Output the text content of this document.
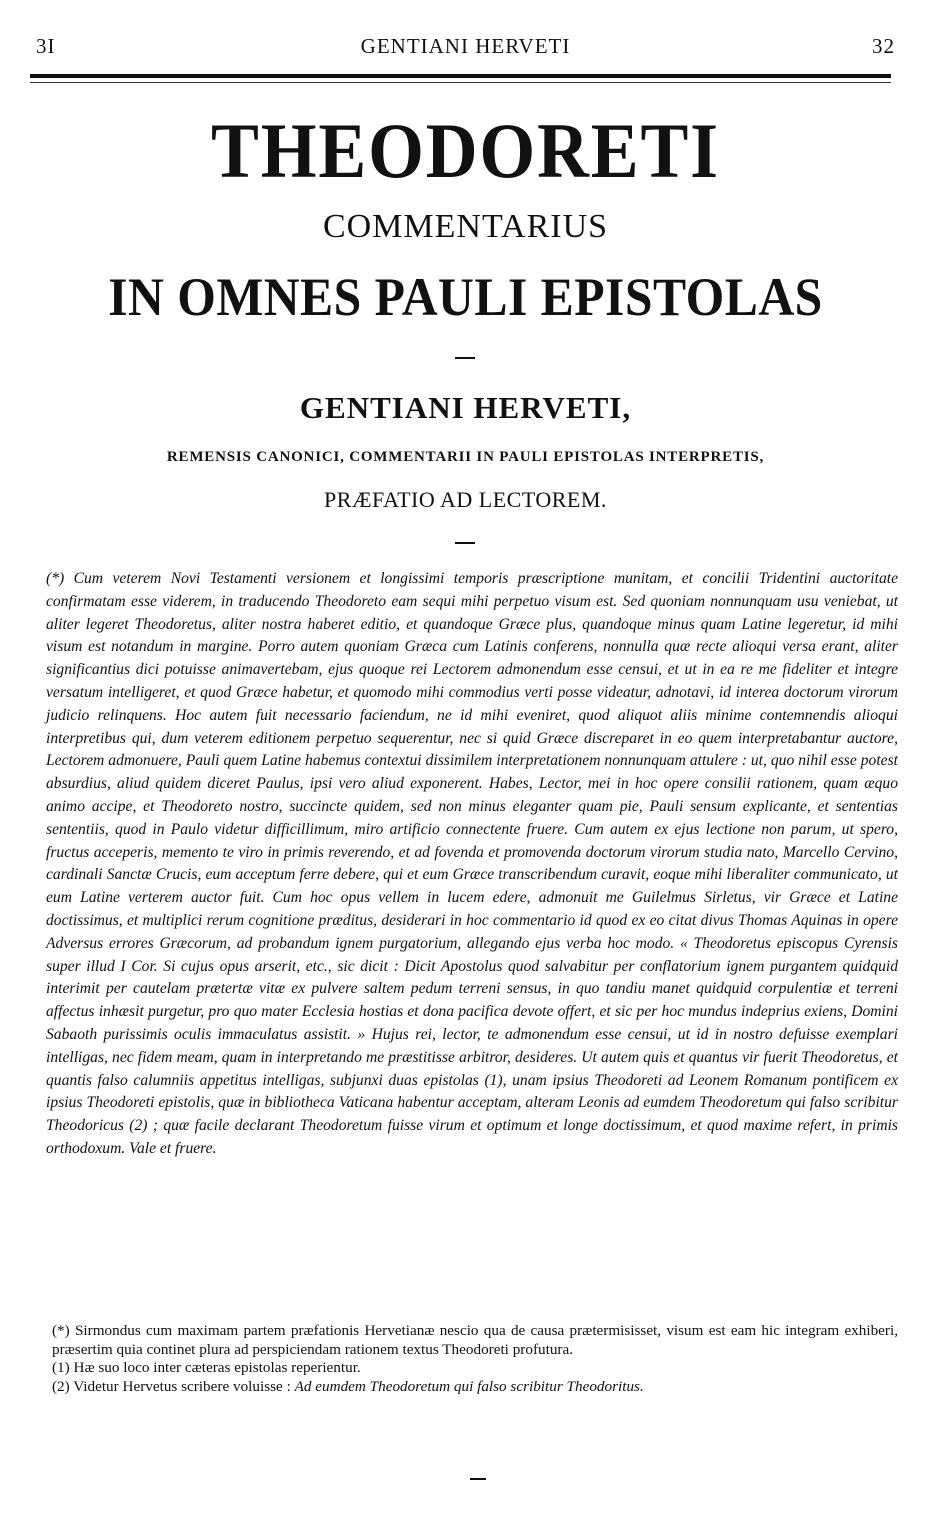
3I	GENTIANI HERVETI	32
THEODORETI
COMMENTARIUS
IN OMNES PAULI EPISTOLAS
GENTIANI HERVETI,
REMENSIS CANONICI, COMMENTARII IN PAULI EPISTOLAS INTERPRETIS,
PRÆFATIO AD LECTOREM.
(*) Cum veterem Novi Testamenti versionem et longissimi temporis præscriptione munitam, et concilii Tridentini auctoritate confirmatam esse viderem, in traducendo Theodoreto eam sequi mihi perpetuo visum est. Sed quoniam nonnunquam usu veniebat, ut aliter legeret Theodoretus, aliter nostra haberet editio, et quandoque Græce plus, quandoque minus quam Latine legeretur, id mihi visum est notandum in margine. Porro autem quoniam Græca cum Latinis conferens, nonnulla quæ recte alioqui versa erant, aliter significantius dici potuisse animavertebam, ejus quoque rei Lectorem admonendum esse censui, et ut in ea re me fideliter et integre versatum intelligeret, et quod Græce habetur, et quomodo mihi commodius verti posse videatur, adnotavi, id interea doctorum virorum judicio relinquens. Hoc autem fuit necessario faciendum, ne id mihi eveniret, quod aliquot aliis minime contemnendis alioqui interpretibus qui, dum veterem editionem perpetuo sequerentur, nec si quid Græce discreparet in eo quem interpretabantur auctore, Lectorem admonuere, Pauli quem Latine habemus contextui dissimilem interpretationem nonnunquam attulere : ut, quo nihil esse potest absurdius, aliud quidem diceret Paulus, ipsi vero aliud exponerent. Habes, Lector, mei in hoc opere consilii rationem, quam æquo animo accipe, et Theodoreto nostro, succincte quidem, sed non minus eleganter quam pie, Pauli sensum explicante, et sententias sententiis, quod in Paulo videtur difficillimum, miro artificio connectente fruere. Cum autem ex ejus lectione non parum, ut spero, fructus acceperis, memento te viro in primis reverendo, et ad fovenda et promovenda doctorum virorum studia nato, Marcello Cervino, cardinali Sanctæ Crucis, eum acceptum ferre debere, qui et eum Græce transcribendum curavit, eoque mihi liberaliter communicato, ut eum Latine verterem auctor fuit. Cum hoc opus vellem in lucem edere, admonuit me Guilelmus Sirletus, vir Græce et Latine doctissimus, et multiplici rerum cognitione præditus, desiderari in hoc commentario id quod ex eo citat divus Thomas Aquinas in opere Adversus errores Græcorum, ad probandum ignem purgatorium, allegando ejus verba hoc modo. « Theodoretus episcopus Cyrensis super illud I Cor. Si cujus opus arserit, etc., sic dicit : Dicit Apostolus quod salvabitur per conflatorium ignem purgantem quidquid interimit per cautelam prætertæ vitæ ex pulvere saltem pedum terreni sensus, in quo tandiu manet quidquid corpulentiæ et terreni affectus inhæsit purgetur, pro quo mater Ecclesia hostias et dona pacifica devote offert, et sic per hoc mundus indeprius exiens, Domini Sabaoth purissimis oculis immaculatus assistit. » Hujus rei, lector, te admonendum esse censui, ut id in nostro defuisse exemplari intelligas, nec fidem meam, quam in interpretando me præstitisse arbitror, desideres. Ut autem quis et quantus vir fuerit Theodoretus, et quantis falso calumniis appetitus intelligas, subjunxi duas epistolas (1), unam ipsius Theodoreti ad Leonem Romanum pontificem ex ipsius Theodoreti epistolis, quæ in bibliotheca Vaticana habentur acceptam, alteram Leonis ad eumdem Theodoretum qui falso scribitur Theodoricus (2) ; quæ facile declarant Theodoretum fuisse virum et optimum et longe doctissimum, et quod maxime refert, in primis orthodoxum. Vale et fruere.

(*) Sirmondus cum maximam partem præfationis Hervetianæ nescio qua de causa prætermisisset, visum est eam hic integram exhiberi, præsertim quia continet plura ad perspiciendam rationem textus Theodoreti profutura.

(1) Hæ suo loco inter cæteras epistolas reperientur.

(2) Videtur Hervetus scribere voluisse : Ad eumdem Theodoretum qui falso scribitur Theodoritus.
